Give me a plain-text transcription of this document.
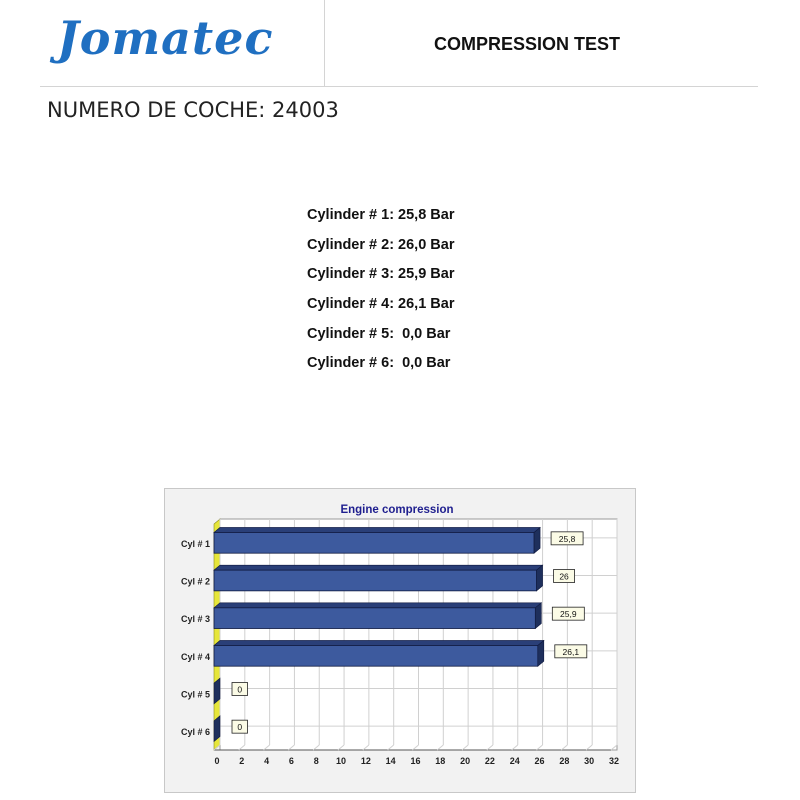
Jomatec	COMPRESSION TEST
NUMERO DE COCHE: 24003
Cylinder # 1: 25,8 Bar
Cylinder # 2: 26,0 Bar
Cylinder # 3: 25,9 Bar
Cylinder # 4: 26,1 Bar
Cylinder # 5:  0,0 Bar
Cylinder # 6:  0,0 Bar
Engine compression
0 2 4 6 8 10 12 14 16 18 20 22 24 26 28 30 32
Cyl # 1	25,8
Cyl # 2	26
Cyl # 3	25,9
Cyl # 4	26,1
Cyl # 5	0
Cyl # 6	0
